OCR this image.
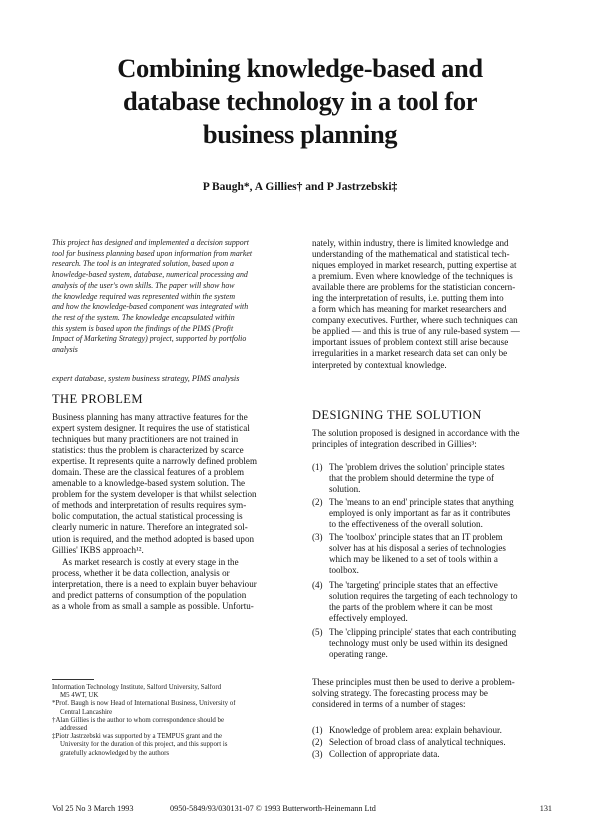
Combining knowledge-based and
database technology in a tool for
business planning
P Baugh*, A Gillies† and P Jastrzebski‡
This project has designed and implemented a decision support
tool for business planning based upon information from market
research. The tool is an integrated solution, based upon a
knowledge-based system, database, numerical processing and
analysis of the user's own skills. The paper will show how
the knowledge required was represented within the system
and how the knowledge-based component was integrated with
the rest of the system. The knowledge encapsulated within
this system is based upon the findings of the PIMS (Profit
Impact of Marketing Strategy) project, supported by portfolio
analysis
expert database, system business strategy, PIMS analysis
THE PROBLEM
Business planning has many attractive features for the
expert system designer. It requires the use of statistical
techniques but many practitioners are not trained in
statistics: thus the problem is characterized by scarce
expertise. It represents quite a narrowly defined problem
domain. These are the classical features of a problem
amenable to a knowledge-based system solution. The
problem for the system developer is that whilst selection
of methods and interpretation of results requires sym-
bolic computation, the actual statistical processing is
clearly numeric in nature. Therefore an integrated sol-
ution is required, and the method adopted is based upon
Gillies' IKBS approach¹².
As market research is costly at every stage in the
process, whether it be data collection, analysis or
interpretation, there is a need to explain buyer behaviour
and predict patterns of consumption of the population
as a whole from as small a sample as possible. Unfortu-
Information Technology Institute, Salford University, Salford
M5 4WT, UK
*Prof. Baugh is now Head of International Business, University of
Central Lancashire
†Alan Gillies is the author to whom correspondence should be
addressed
‡Piotr Jastrzebski was supported by a TEMPUS grant and the
University for the duration of this project, and this support is
gratefully acknowledged by the authors
nately, within industry, there is limited knowledge and
understanding of the mathematical and statistical tech-
niques employed in market research, putting expertise at
a premium. Even where knowledge of the techniques is
available there are problems for the statistician concern-
ing the interpretation of results, i.e. putting them into
a form which has meaning for market researchers and
company executives. Further, where such techniques can
be applied — and this is true of any rule-based system —
important issues of problem context still arise because
irregularities in a market research data set can only be
interpreted by contextual knowledge.
DESIGNING THE SOLUTION
The solution proposed is designed in accordance with the
principles of integration described in Gillies³:
(1) The 'problem drives the solution' principle states
that the problem should determine the type of
solution.
(2) The 'means to an end' principle states that anything
employed is only important as far as it contributes
to the effectiveness of the overall solution.
(3) The 'toolbox' principle states that an IT problem
solver has at his disposal a series of technologies
which may be likened to a set of tools within a
toolbox.
(4) The 'targeting' principle states that an effective
solution requires the targeting of each technology to
the parts of the problem where it can be most
effectively employed.
(5) The 'clipping principle' states that each contributing
technology must only be used within its designed
operating range.
These principles must then be used to derive a problem-
solving strategy. The forecasting process may be
considered in terms of a number of stages:
(1) Knowledge of problem area: explain behaviour.
(2) Selection of broad class of analytical techniques.
(3) Collection of appropriate data.
Vol 25 No 3 March 1993	0950-5849/93/030131-07 © 1993 Butterworth-Heinemann Ltd	131
